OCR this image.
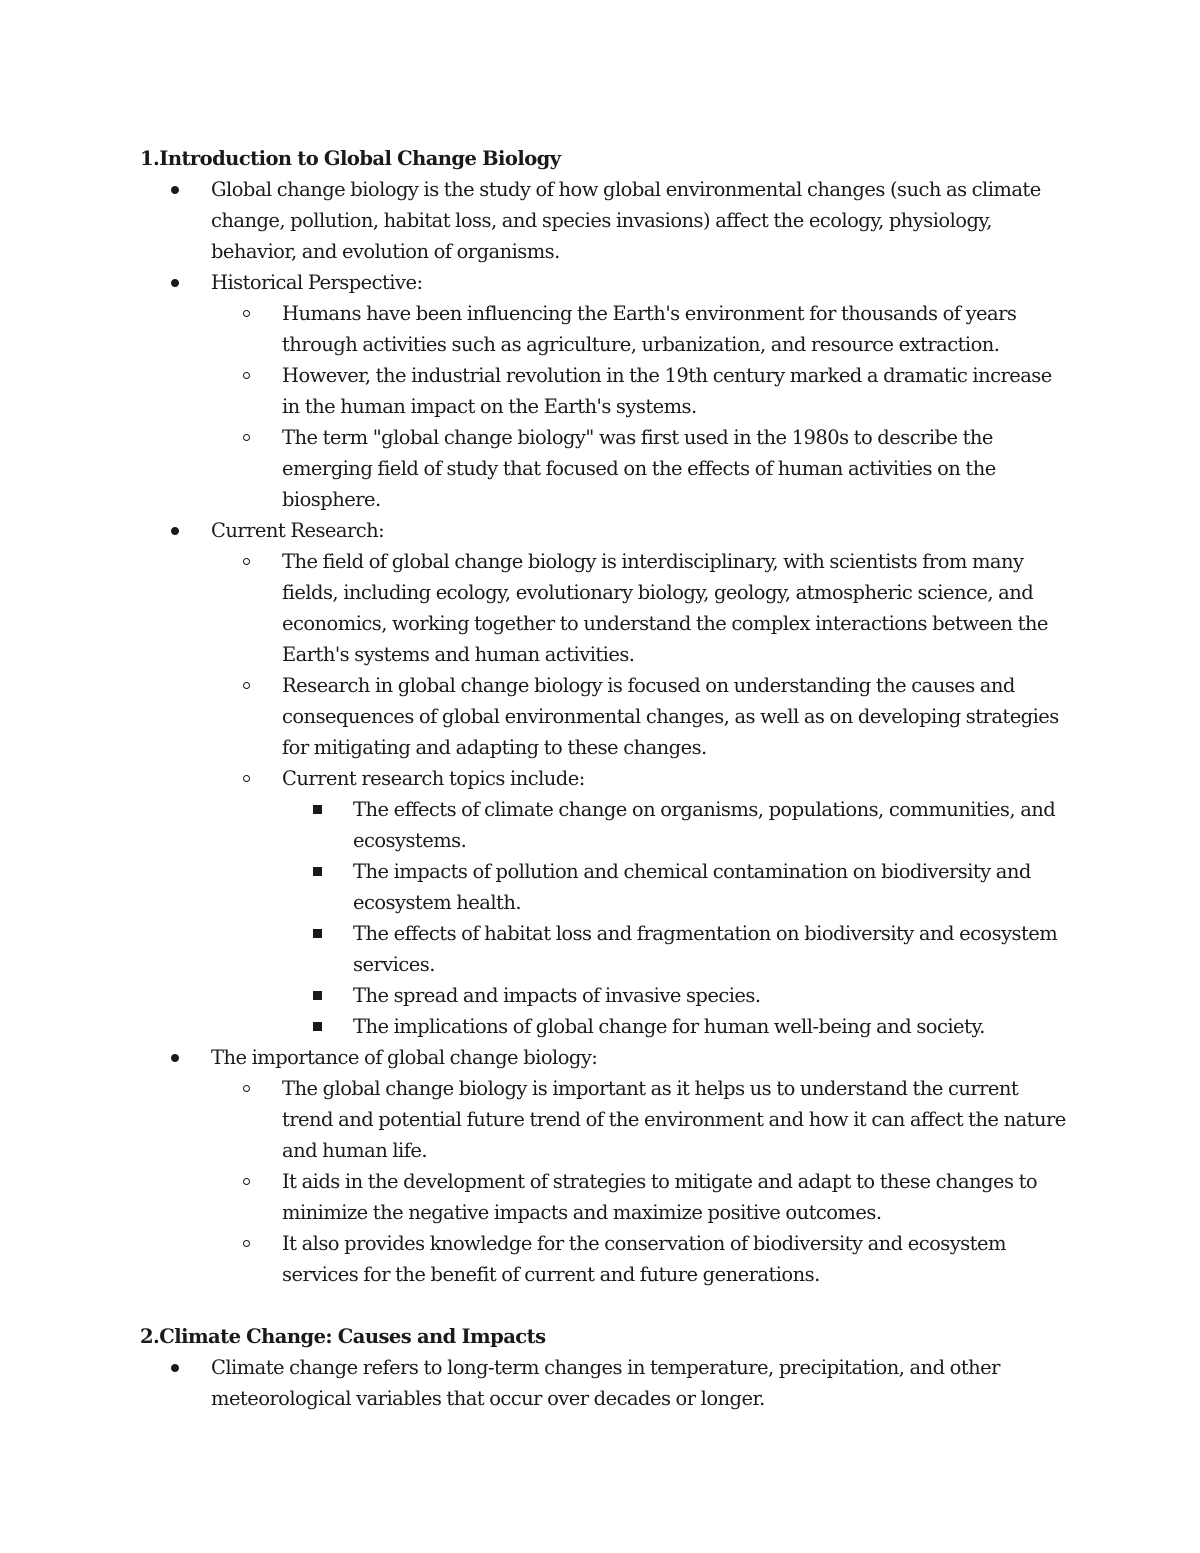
1.Introduction to Global Change Biology
Global change biology is the study of how global environmental changes (such as climate change, pollution, habitat loss, and species invasions) affect the ecology, physiology, behavior, and evolution of organisms.
Historical Perspective:
Humans have been influencing the Earth's environment for thousands of years through activities such as agriculture, urbanization, and resource extraction.
However, the industrial revolution in the 19th century marked a dramatic increase in the human impact on the Earth's systems.
The term "global change biology" was first used in the 1980s to describe the emerging field of study that focused on the effects of human activities on the biosphere.
Current Research:
The field of global change biology is interdisciplinary, with scientists from many fields, including ecology, evolutionary biology, geology, atmospheric science, and economics, working together to understand the complex interactions between the Earth's systems and human activities.
Research in global change biology is focused on understanding the causes and consequences of global environmental changes, as well as on developing strategies for mitigating and adapting to these changes.
Current research topics include:
The effects of climate change on organisms, populations, communities, and ecosystems.
The impacts of pollution and chemical contamination on biodiversity and ecosystem health.
The effects of habitat loss and fragmentation on biodiversity and ecosystem services.
The spread and impacts of invasive species.
The implications of global change for human well-being and society.
The importance of global change biology:
The global change biology is important as it helps us to understand the current trend and potential future trend of the environment and how it can affect the nature and human life.
It aids in the development of strategies to mitigate and adapt to these changes to minimize the negative impacts and maximize positive outcomes.
It also provides knowledge for the conservation of biodiversity and ecosystem services for the benefit of current and future generations.
2.Climate Change: Causes and Impacts
Climate change refers to long-term changes in temperature, precipitation, and other meteorological variables that occur over decades or longer.
